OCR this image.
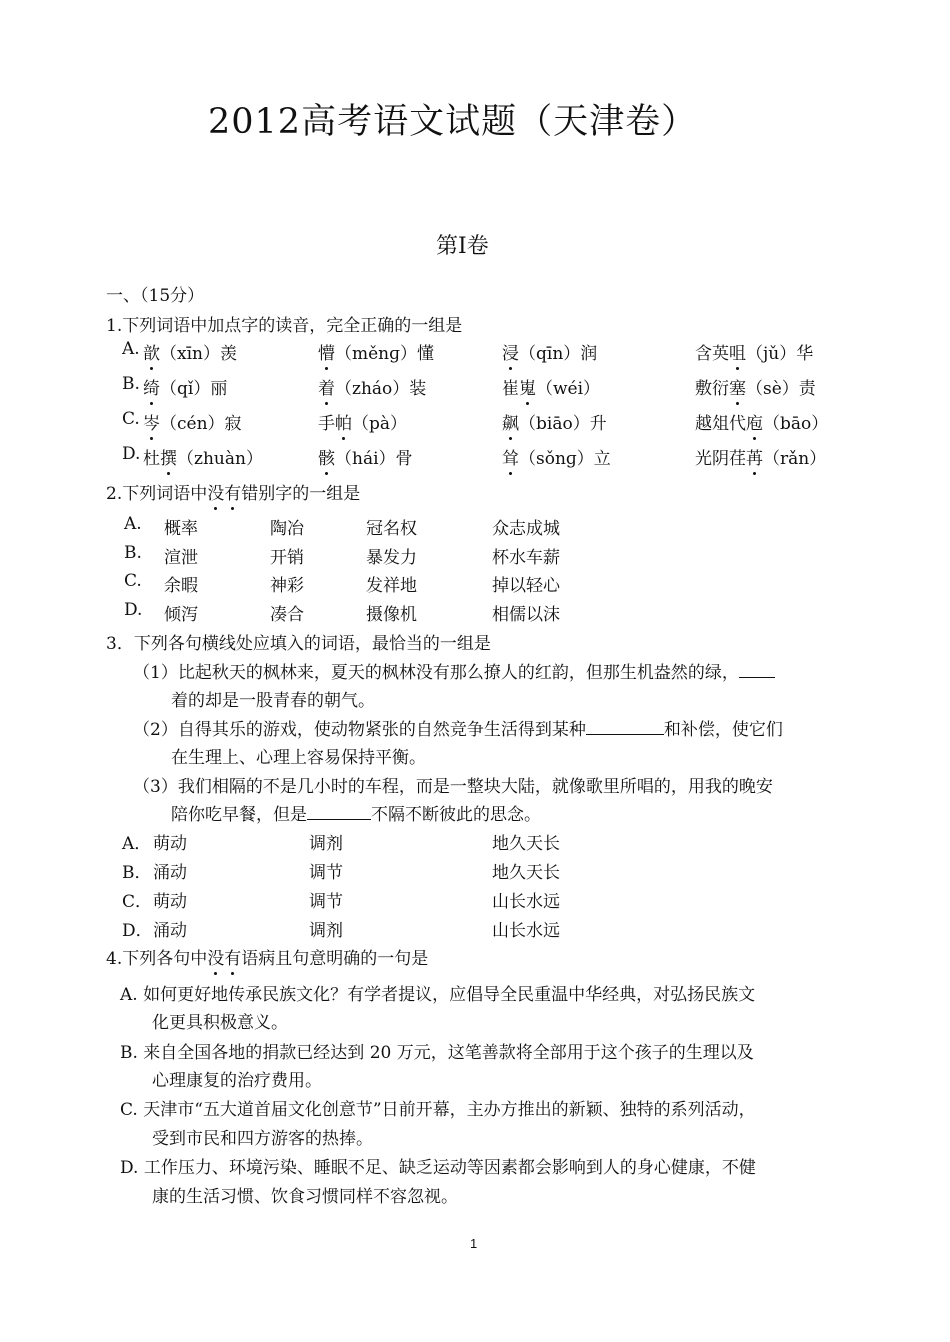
2012高考语文试题（天津卷）
第Ⅰ卷
一、（15分）
1.下列词语中加点字的读音，完全正确的一组是
A. 歆（xīn）羡	懵（měnɡ）懂	浸（qīn）润	含英咀（jǔ）华
B. 绮（qǐ）丽	着（zháo）装	崔嵬（wéi）	敷衍塞（sè）责
C. 岑（cén）寂	手帕（pà）	飙（biāo）升	越俎代庖（bāo）
D. 杜撰（zhuàn）	骸（hái）骨	耸（sǒnɡ）立	光阴荏苒（rǎn）
2.下列词语中没有错别字的一组是
A. 概率	陶冶	冠名权	众志成城
B. 渲泄	开销	暴发力	杯水车薪
C. 余暇	神彩	发祥地	掉以轻心
D. 倾泻	凑合	摄像机	相儒以沫
3．下列各句横线处应填入的词语，最恰当的一组是
（1）比起秋天的枫林来，夏天的枫林没有那么撩人的红韵，但那生机盎然的绿，
着的却是一股青春的朝气。
（2）自得其乐的游戏，使动物紧张的自然竞争生活得到某种	和补偿，使它们
在生理上、心理上容易保持平衡。
（3）我们相隔的不是几小时的车程，而是一整块大陆，就像歌里所唱的，用我的晚安
陪你吃早餐，但是	不隔不断彼此的思念。
A． 萌动	调剂	地久天长
B． 涌动	调节	地久天长
C． 萌动	调节	山长水远
D． 涌动	调剂	山长水远
4.下列各句中没有语病且句意明确的一句是
A. 如何更好地传承民族文化？有学者提议，应倡导全民重温中华经典，对弘扬民族文
化更具积极意义。
B. 来自全国各地的捐款已经达到 20 万元，这笔善款将全部用于这个孩子的生理以及
心理康复的治疗费用。
C. 天津市“五大道首届文化创意节”日前开幕，主办方推出的新颖、独特的系列活动，
受到市民和四方游客的热捧。
D. 工作压力、环境污染、睡眠不足、缺乏运动等因素都会影响到人的身心健康，不健
康的生活习惯、饮食习惯同样不容忽视。
1
